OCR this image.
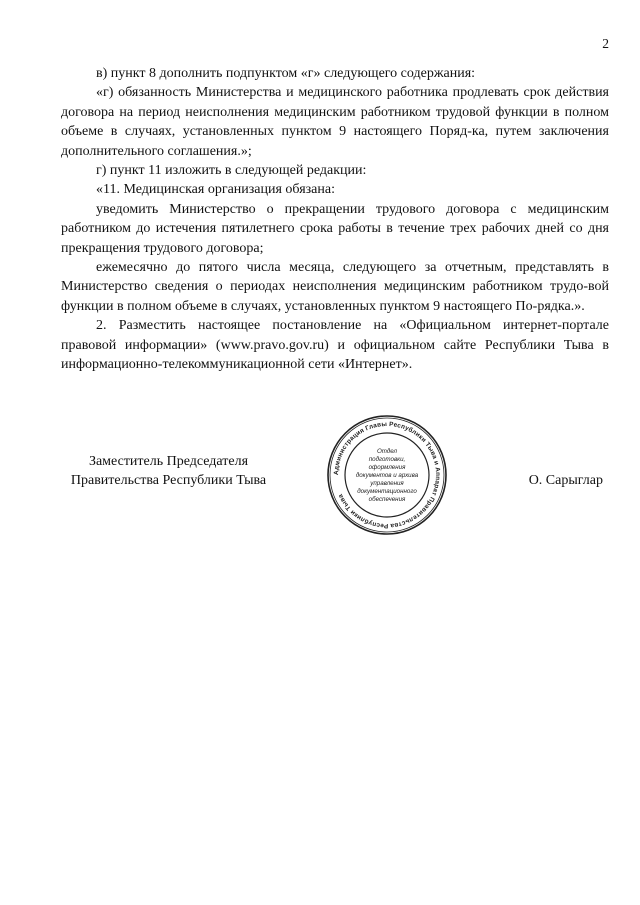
2

в) пункт 8 дополнить подпунктом «г» следующего содержания:

«г) обязанность Министерства и медицинского работника продлевать срок действия договора на период неисполнения медицинским работником трудовой функции в полном объеме в случаях, установленных пунктом 9 настоящего Поряд-ка, путем заключения дополнительного соглашения.»;

г) пункт 11 изложить в следующей редакции:

«11. Медицинская организация обязана:

уведомить Министерство о прекращении трудового договора с медицинским работником до истечения пятилетнего срока работы в течение трех рабочих дней со дня прекращения трудового договора;

ежемесячно до пятого числа месяца, следующего за отчетным, представлять в Министерство сведения о периодах неисполнения медицинским работником трудо-вой функции в полном объеме в случаях, установленных пунктом 9 настоящего По-рядка.».

2. Разместить настоящее постановление на «Официальном интернет-портале правовой информации» (www.pravo.gov.ru) и официальном сайте Республики Тыва в информационно-телекоммуникационной сети «Интернет».

Заместитель Председателя
Правительства Республики Тыва
Администрация Главы Республики Тыва и Аппарат Правительства Республики Тыва
Отдел
подготовки,
оформления
документов и архива
управления
документационного
обеспечения
О. Сарыглар
